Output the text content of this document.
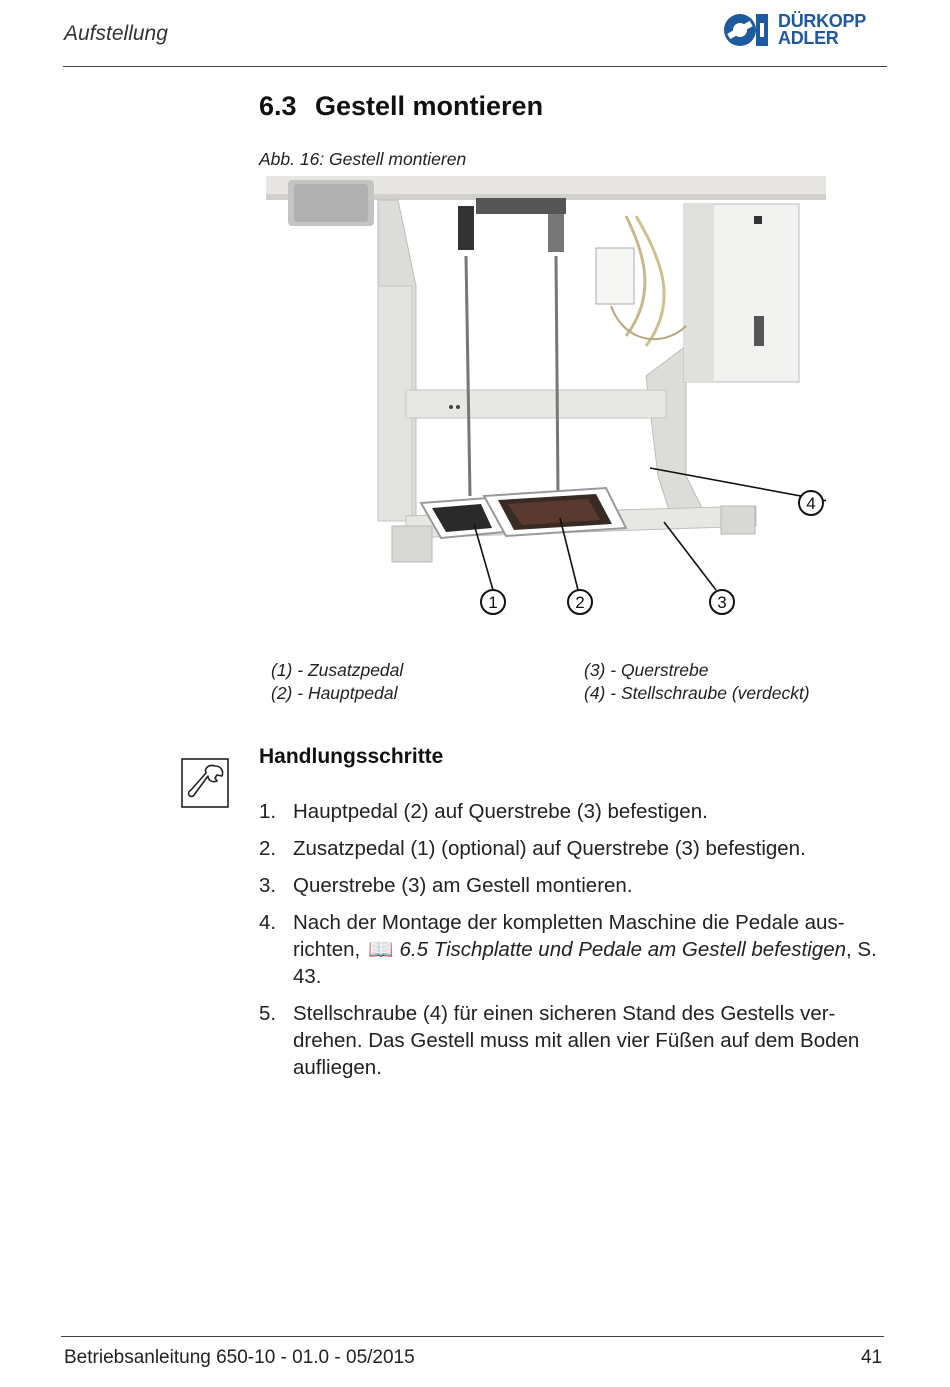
Aufstellung
DÜRKOPP
ADLER
6.3 Gestell montieren
Abb. 16: Gestell montieren
1	2	3
4
(1) - Zusatzpedal
(2) - Hauptpedal
(3) - Querstrebe
(4) - Stellschraube (verdeckt)
Handlungsschritte
1. Hauptpedal (2) auf Querstrebe (3) befestigen.
2. Zusatzpedal (1) (optional) auf Querstrebe (3) befestigen.
3. Querstrebe (3) am Gestell montieren.
4. Nach der Montage der kompletten Maschine die Pedale aus-richten, 📖 6.5 Tischplatte und Pedale am Gestell befestigen, S. 43.
5. Stellschraube (4) für einen sicheren Stand des Gestells ver-drehen. Das Gestell muss mit allen vier Füßen auf dem Boden aufliegen.
Betriebsanleitung 650-10 - 01.0 - 05/2015	41
